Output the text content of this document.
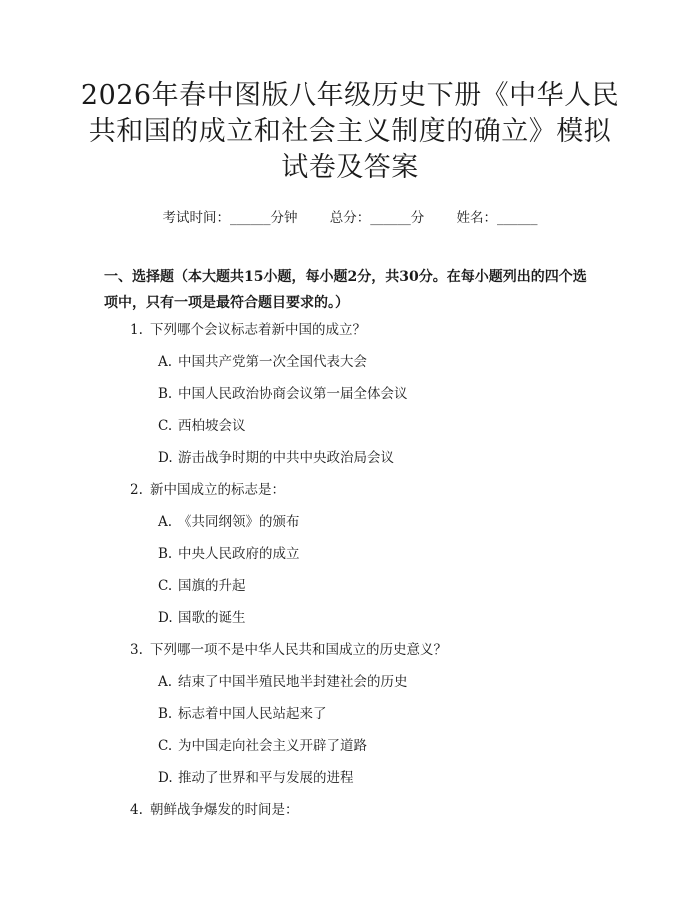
2026年春中图版八年级历史下册《中华人民
共和国的成立和社会主义制度的确立》模拟
试卷及答案
考试时间：______分钟 总分：______分 姓名：______
一、选择题（本大题共15小题，每小题2分，共30分。在每小题列出的四个选
项中，只有一项是最符合题目要求的。）
1. 下列哪个会议标志着新中国的成立？
A. 中国共产党第一次全国代表大会
B. 中国人民政治协商会议第一届全体会议
C. 西柏坡会议
D. 游击战争时期的中共中央政治局会议
2. 新中国成立的标志是：
A. 《共同纲领》的颁布
B. 中央人民政府的成立
C. 国旗的升起
D. 国歌的诞生
3. 下列哪一项不是中华人民共和国成立的历史意义？
A. 结束了中国半殖民地半封建社会的历史
B. 标志着中国人民站起来了
C. 为中国走向社会主义开辟了道路
D. 推动了世界和平与发展的进程
4. 朝鲜战争爆发的时间是：
